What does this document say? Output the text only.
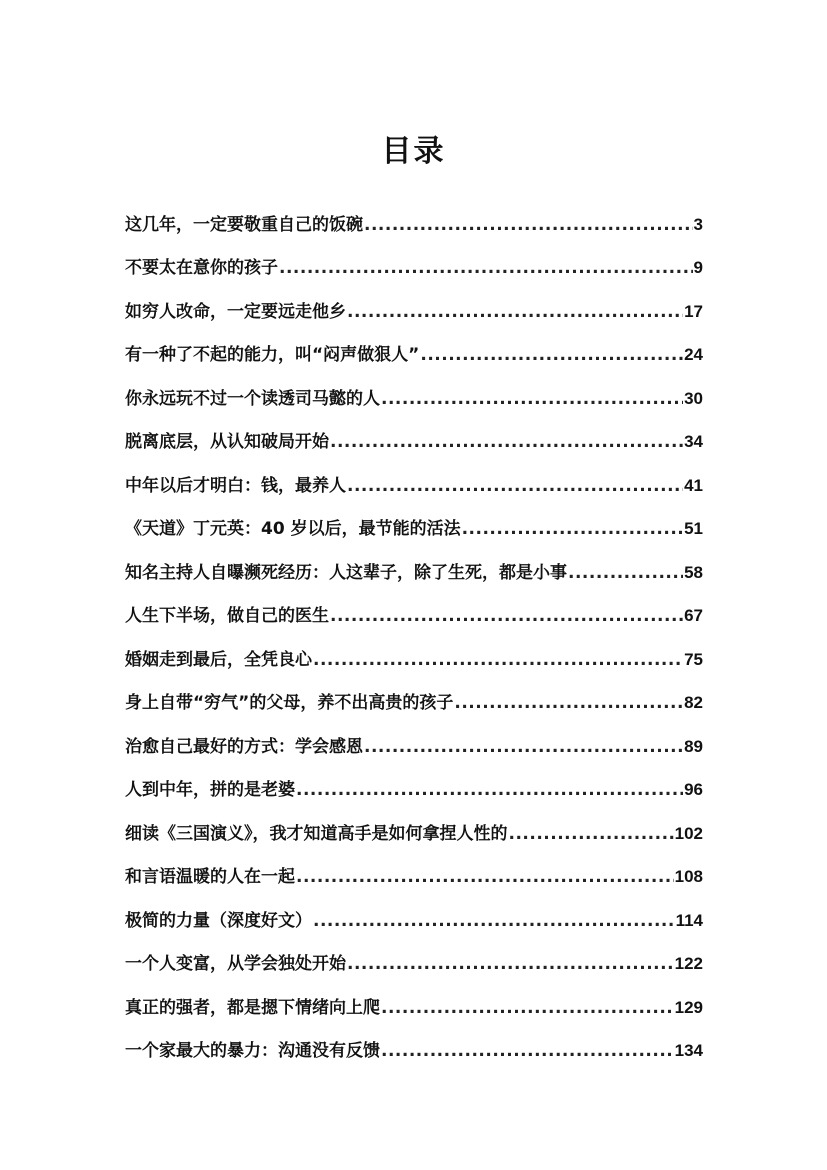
目录
这几年，一定要敬重自己的饭碗 .....	3
不要太在意你的孩子 .....	9
如穷人改命，一定要远走他乡 .....	17
有一种了不起的能力，叫“闷声做狠人” .....	24
你永远玩不过一个读透司马懿的人 .....	30
脱离底层，从认知破局开始 .....	34
中年以后才明白：钱，最养人 .....	41
《天道》丁元英：40 岁以后，最节能的活法 .....	51
知名主持人自曝濒死经历：人这辈子，除了生死，都是小事 .....	58
人生下半场，做自己的医生 .....	67
婚姻走到最后，全凭良心 .....	75
身上自带“穷气”的父母，养不出高贵的孩子 .....	82
治愈自己最好的方式：学会感恩 .....	89
人到中年，拼的是老婆 .....	96
细读《三国演义》，我才知道高手是如何拿捏人性的 .....	102
和言语温暖的人在一起 .....	108
极简的力量（深度好文） .....	114
一个人变富，从学会独处开始 .....	122
真正的强者，都是摁下情绪向上爬 .....	129
一个家最大的暴力：沟通没有反馈 .....	134
